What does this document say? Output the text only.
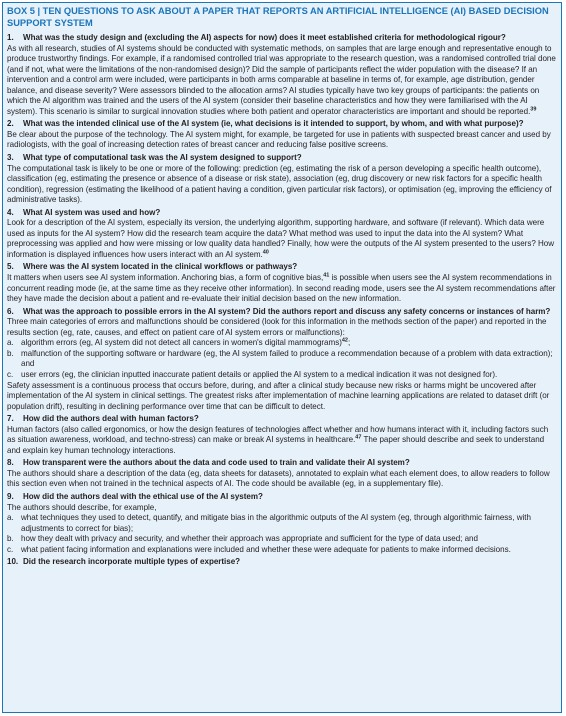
BOX 5 | TEN QUESTIONS TO ASK ABOUT A PAPER THAT REPORTS AN ARTIFICIAL INTELLIGENCE (AI) BASED DECISION SUPPORT SYSTEM
1.	What was the study design and (excluding the AI) aspects for now) does it meet established criteria for methodological rigour?

As with all research, studies of AI systems should be conducted with systematic methods, on samples that are large enough and representative enough to produce trustworthy findings. For example, if a randomised controlled trial was appropriate to the research question, was a randomised controlled trial done (and if not, what were the limitations of the non-randomised design)? Did the sample of participants reflect the wider population with the disease? If an intervention and a control arm were included, were participants in both arms comparable at baseline in terms of, for example, age distribution, gender balance, and disease severity? Were assessors blinded to the allocation arms? AI studies typically have two key groups of participants: the patients on which the AI algorithm was trained and the users of the AI system (consider their baseline characteristics and how they were familiarised with the AI system). This scenario is similar to surgical innovation studies where both patient and operator characteristics are important and should be reported.$^{39}$

2.	What was the intended clinical use of the AI system (ie, what decisions is it intended to support, by whom, and with what purpose)?

Be clear about the purpose of the technology. The AI system might, for example, be targeted for use in patients with suspected breast cancer and used by radiologists, with the goal of increasing detection rates of breast cancer and reducing false positive screens.

3.	What type of computational task was the AI system designed to support?

The computational task is likely to be one or more of the following: prediction (eg, estimating the risk of a person developing a specific health outcome), classification (eg, estimating the presence or absence of a disease or risk state), association (eg, drug discovery or new risk factors for a specific health condition), regression (estimating the likelihood of a patient having a condition, given particular risk factors), or optimisation (eg, improving the efficiency of administrative tasks).

4.	What AI system was used and how?

Look for a description of the AI system, especially its version, the underlying algorithm, supporting hardware, and software (if relevant). Which data were used as inputs for the AI system? How did the research team acquire the data? What method was used to input the data into the AI system? What preprocessing was applied and how were missing or low quality data handled? Finally, how were the outputs of the AI system presented to the users? How information is displayed influences how users interact with an AI system.$^{40}$

5.	Where was the AI system located in the clinical workflows or pathways?

It matters when users see AI system information. Anchoring bias, a form of cognitive bias,$^{41}$ is possible when users see the AI system recommendations in concurrent reading mode (ie, at the same time as they receive other information). In second reading mode, users see the AI system recommendations after they have made the decision about a patient and re-evaluate their initial decision based on the new information.

6.	What was the approach to possible errors in the AI system? Did the authors report and discuss any safety concerns or instances of harm?

Three main categories of errors and malfunctions should be considered (look for this information in the methods section of the paper) and reported in the results section (eg, rate, causes, and effect on patient care of AI system errors or malfunctions):

a. algorithm errors (eg, AI system did not detect all cancers in women's digital mammograms)$^{42}$;
b. malfunction of the supporting software or hardware (eg, the AI system failed to produce a recommendation because of a problem with data extraction); and
c. user errors (eg, the clinician inputted inaccurate patient details or applied the AI system to a medical indication it was not designed for).

Safety assessment is a continuous process that occurs before, during, and after a clinical study because new risks or harms might be uncovered after implementation of the AI system in clinical settings. The greatest risks after implementation of machine learning applications are related to dataset drift (or population drift), resulting in declining performance over time that can be difficult to detect.

7.	How did the authors deal with human factors?

Human factors (also called ergonomics, or how the design features of technologies affect whether and how humans interact with it, including factors such as situation awareness, workload, and techno-stress) can make or break AI systems in healthcare.$^{47}$ The paper should describe and seek to understand and explain key human technology interactions.

8.	How transparent were the authors about the data and code used to train and validate their AI system?

The authors should share a description of the data (eg, data sheets for datasets), annotated to explain what each element does, to allow readers to follow this section even when not trained in the technical aspects of AI. The code should be available (eg, in a supplementary file).

9.	How did the authors deal with the ethical use of the AI system?

The authors should describe, for example,

a. what techniques they used to detect, quantify, and mitigate bias in the algorithmic outputs of the AI system (eg, through algorithmic fairness, with adjustments to correct for bias);
b. how they dealt with privacy and security, and whether their approach was appropriate and sufficient for the type of data used; and
c. what patient facing information and explanations were included and whether these were adequate for patients to make informed decisions.
10. Did the research incorporate multiple types of expertise?
